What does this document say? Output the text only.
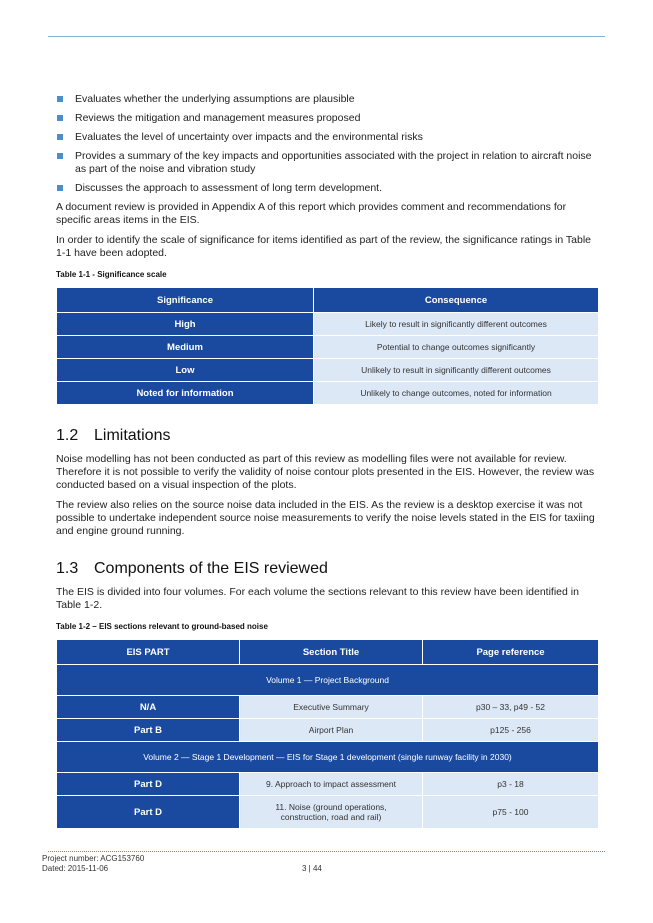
Evaluates whether the underlying assumptions are plausible
Reviews the mitigation and management measures proposed
Evaluates the level of uncertainty over impacts and the environmental risks
Provides a summary of the key impacts and opportunities associated with the project in relation to aircraft noise as part of the noise and vibration study
Discusses the approach to assessment of long term development.

A document review is provided in Appendix A of this report which provides comment and recommendations for specific areas items in the EIS.

In order to identify the scale of significance for items identified as part of the review, the significance ratings in Table 1-1 have been adopted.

Table 1-1 - Significance scale
Significance	Consequence
High	Likely to result in significantly different outcomes
Medium	Potential to change outcomes significantly
Low	Unlikely to result in significantly different outcomes
Noted for information	Unlikely to change outcomes, noted for information
1.2 Limitations

Noise modelling has not been conducted as part of this review as modelling files were not available for review. Therefore it is not possible to verify the validity of noise contour plots presented in the EIS. However, the review was conducted based on a visual inspection of the plots.

The review also relies on the source noise data included in the EIS. As the review is a desktop exercise it was not possible to undertake independent source noise measurements to verify the noise levels stated in the EIS for taxiing and engine ground running.

1.3 Components of the EIS reviewed

The EIS is divided into four volumes. For each volume the sections relevant to this review have been identified in Table 1-2.

Table 1-2 – EIS sections relevant to ground-based noise
EIS PART	Section Title	Page reference
Volume 1 — Project Background		
N/A	Executive Summary	p30 – 33, p49 - 52
Part B	Airport Plan	p125 - 256
Volume 2 — Stage 1 Development — EIS for Stage 1 development (single runway facility in 2030)		
Part D	9. Approach to impact assessment	p3 - 18
Part D	11. Noise (ground operations, construction, road and rail)	p75 - 100
Project number: ACG153760
Dated: 2015-11-06	3 | 44
